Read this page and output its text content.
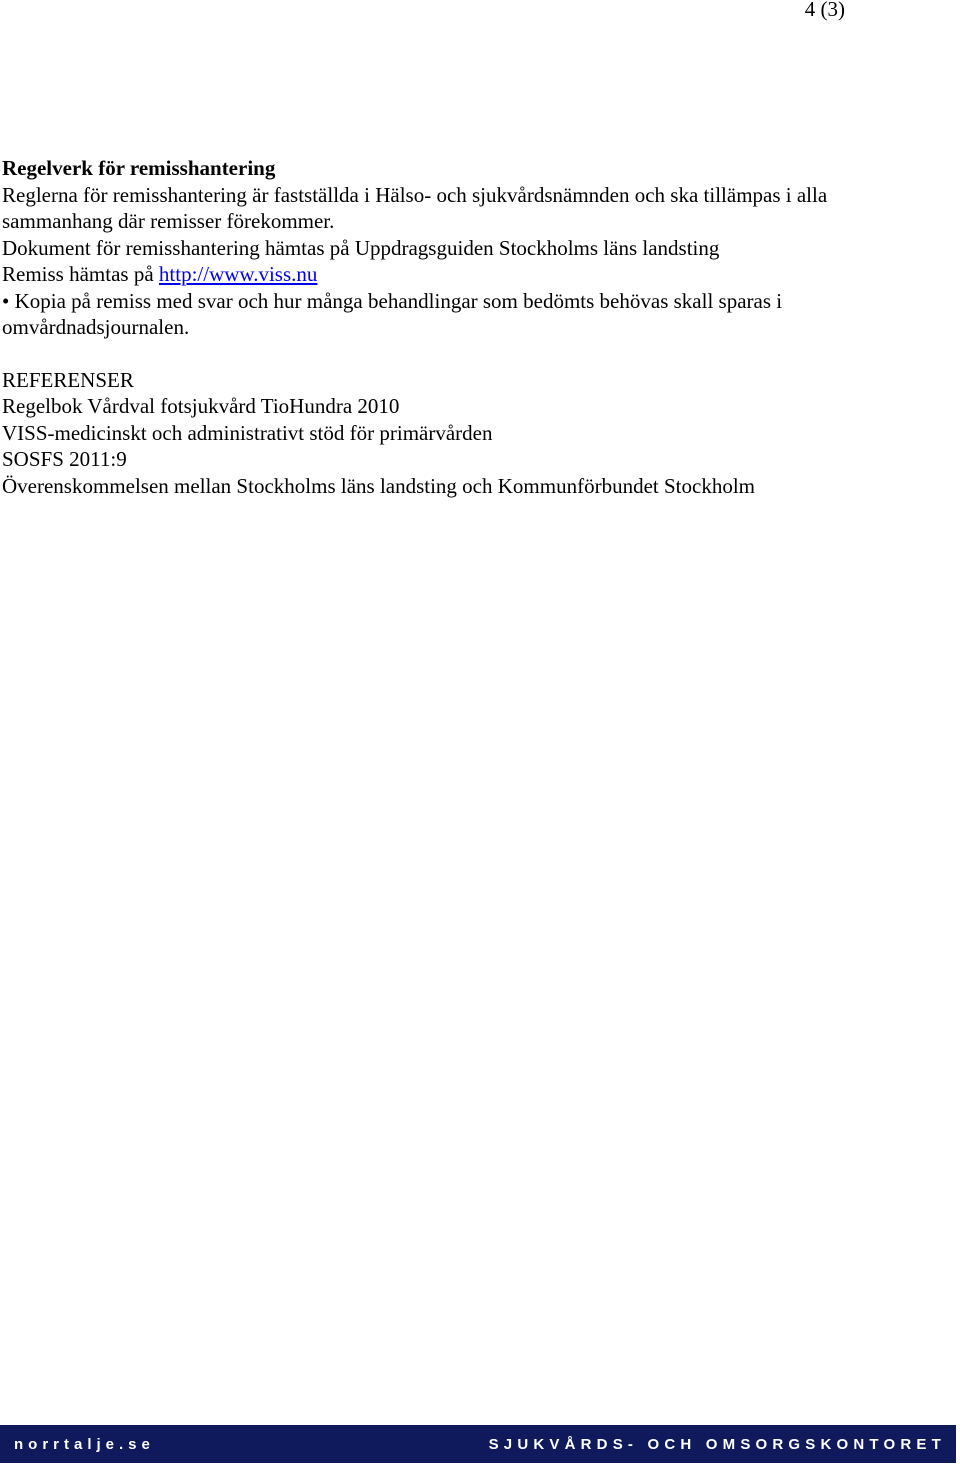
4 (3)

Regelverk för remisshantering

Reglerna för remisshantering är fastställda i Hälso- och sjukvårdsnämnden och ska tillämpas i alla sammanhang där remisser förekommer.

Dokument för remisshantering hämtas på Uppdragsguiden Stockholms läns landsting

Remiss hämtas på http://www.viss.nu

• Kopia på remiss med svar och hur många behandlingar som bedömts behövas skall sparas i omvårdnadsjournalen.

REFERENSER

Regelbok Vårdval fotsjukvård TioHundra 2010

VISS-medicinskt och administrativt stöd för primärvården

SOSFS 2011:9

Överenskommelsen mellan Stockholms läns landsting och Kommunförbundet Stockholm

norrtalje.se	SJUKVÅRDS- OCH OMSORGSKONTORET
